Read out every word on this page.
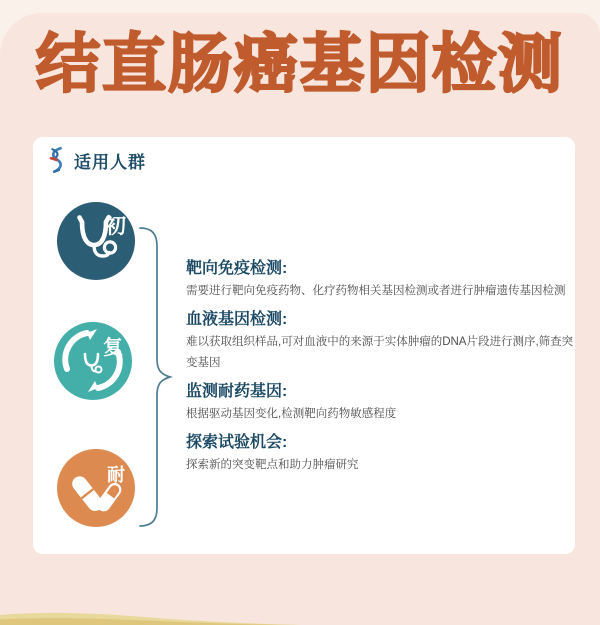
结直肠癌基因检测
适用人群
初
复
耐
靶向免疫检测:
需要进行靶向免疫药物、化疗药物相关基因检测或者进行肿瘤遗传基因检测
血液基因检测:
难以获取组织样品,可对血液中的来源于实体肿瘤的DNA片段进行测序,筛查突变基因
监测耐药基因:
根据驱动基因变化,检测靶向药物敏感程度
探索试验机会:
探索新的突变靶点和助力肿瘤研究
